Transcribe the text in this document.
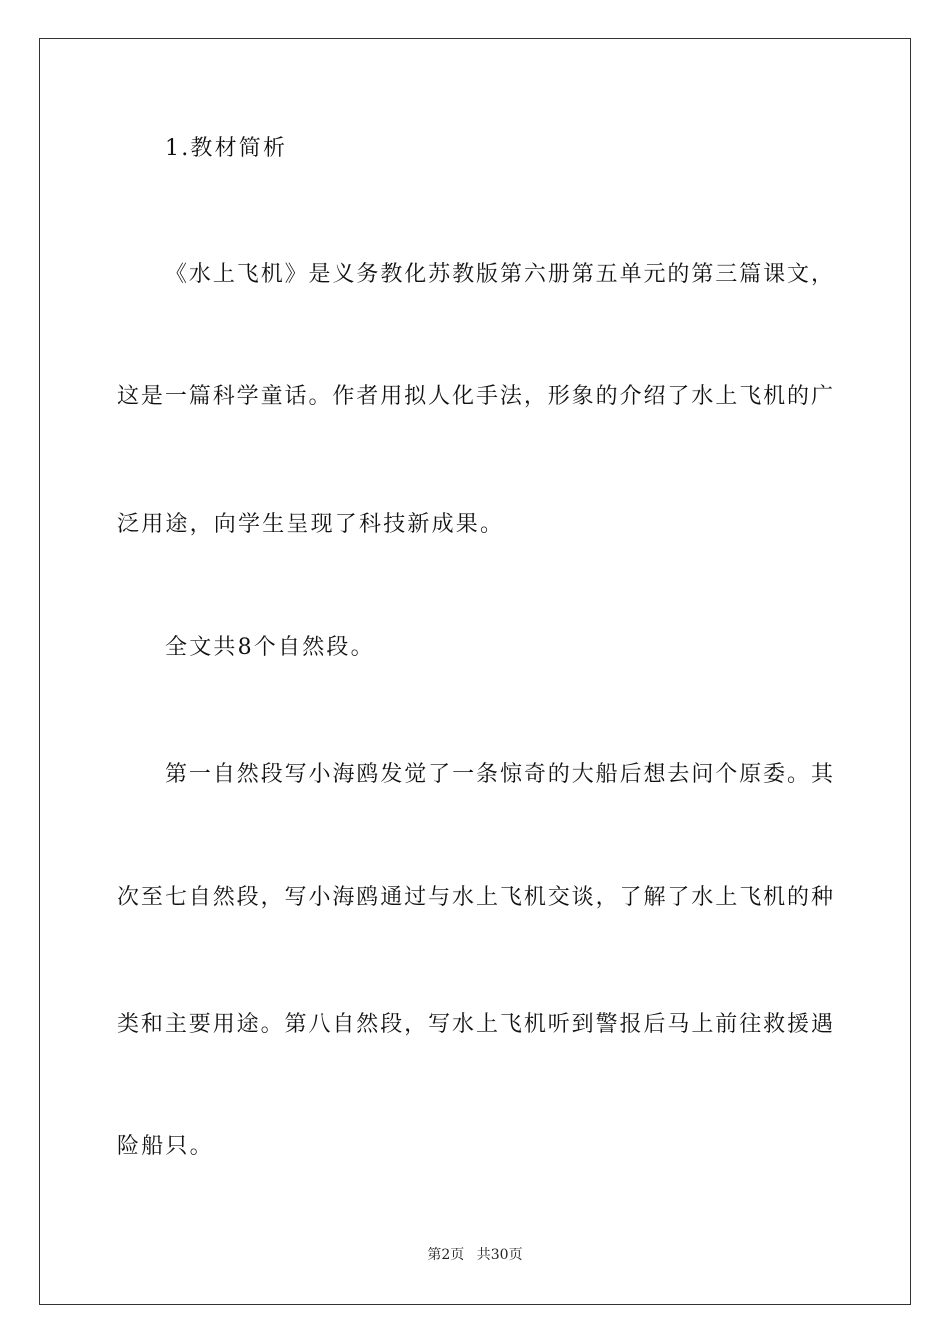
1.教材简析
《水上飞机》是义务教化苏教版第六册第五单元的第三篇课文，
这是一篇科学童话。作者用拟人化手法，形象的介绍了水上飞机的广
泛用途，向学生呈现了科技新成果。
全文共8个自然段。
第一自然段写小海鸥发觉了一条惊奇的大船后想去问个原委。其
次至七自然段，写小海鸥通过与水上飞机交谈，了解了水上飞机的种
类和主要用途。第八自然段，写水上飞机听到警报后马上前往救援遇
险船只。
第2页 共30页
